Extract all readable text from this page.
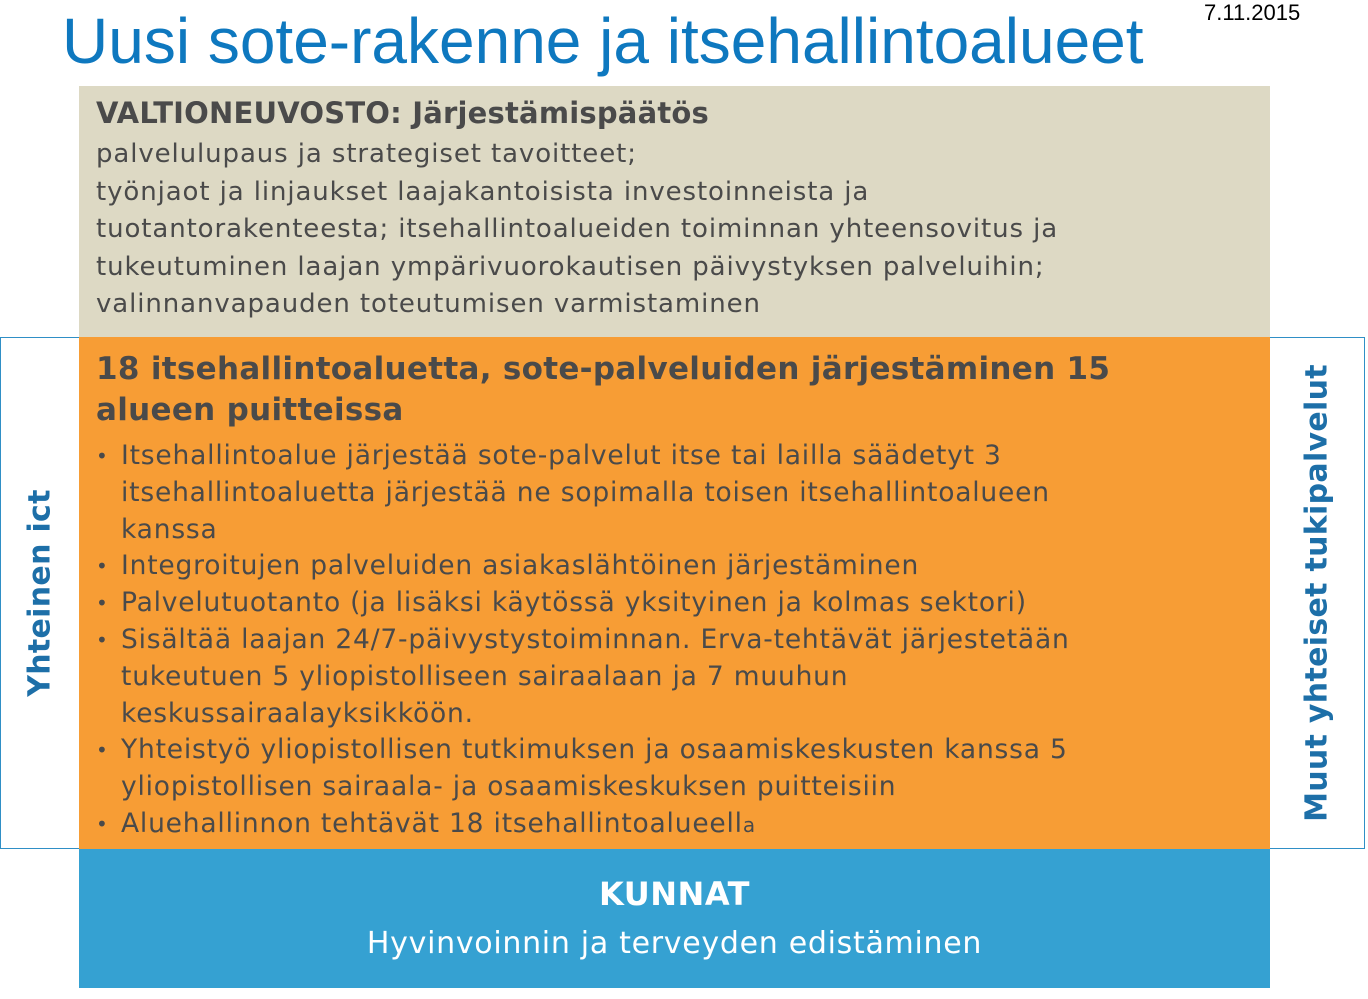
Uusi sote-rakenne ja itsehallintoalueet	7.11.2015
VALTIONEUVOSTO: Järjestämispäätös
palvelulupaus ja strategiset tavoitteet;
työnjaot ja linjaukset laajakantoisista investoinneista ja
tuotantorakenteesta; itsehallintoalueiden toiminnan yhteensovitus ja
tukeutuminen laajan ympärivuorokautisen päivystyksen palveluihin;
valinnanvapauden toteutumisen varmistaminen
Yhteinen ict	Muut yhteiset tukipalvelut
18 itsehallintoaluetta, sote-palveluiden järjestäminen 15
alueen puitteissa
• Itsehallintoalue järjestää sote-palvelut itse tai lailla säädetyt 3
itsehallintoaluetta järjestää ne sopimalla toisen itsehallintoalueen
kanssa
• Integroitujen palveluiden asiakaslähtöinen järjestäminen
• Palvelutuotanto (ja lisäksi käytössä yksityinen ja kolmas sektori)
• Sisältää laajan 24/7-päivystystoiminnan. Erva-tehtävät järjestetään
tukeutuen 5 yliopistolliseen sairaalaan ja 7 muuhun
keskussairaalayksikköön.
• Yhteistyö yliopistollisen tutkimuksen ja osaamiskeskusten kanssa 5
yliopistollisen sairaala- ja osaamiskeskuksen puitteisiin
• Aluehallinnon tehtävät 18 itsehallintoalueella
KUNNAT
Hyvinvoinnin ja terveyden edistäminen
